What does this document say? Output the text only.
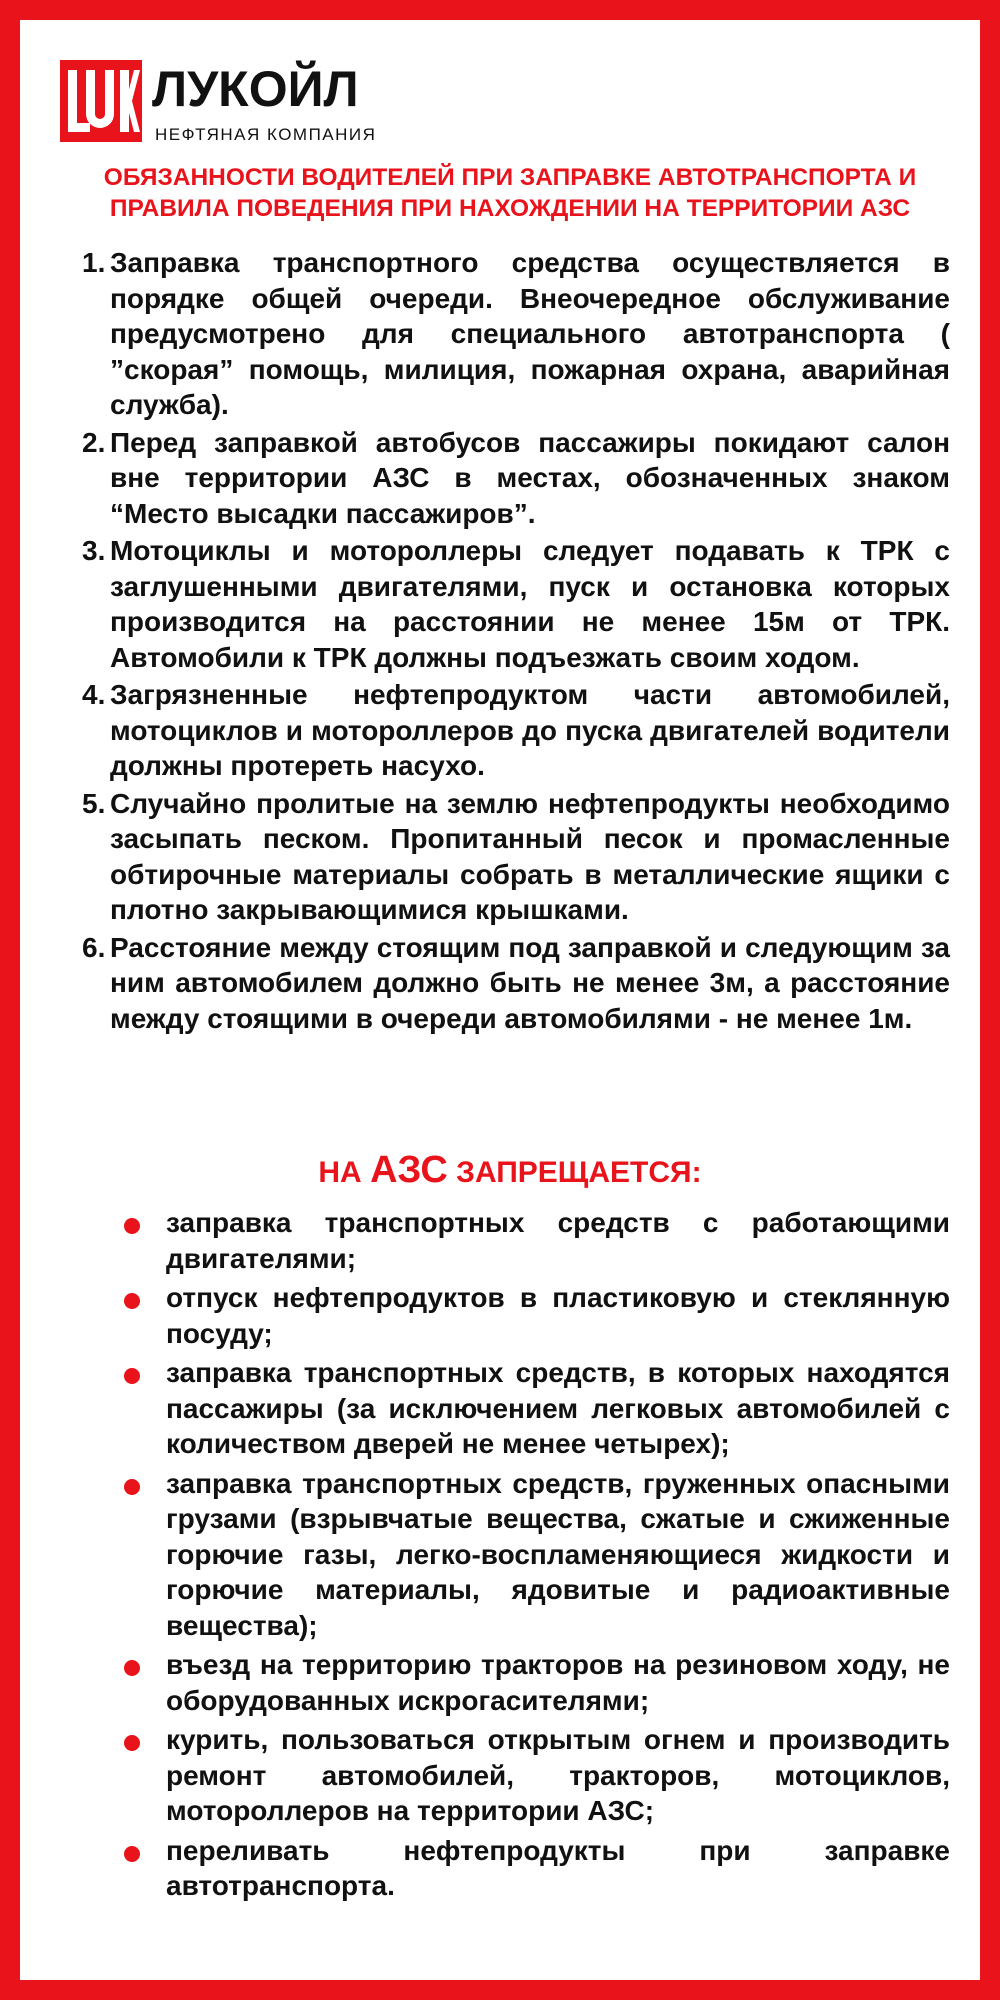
ЛУКОЙЛ
НЕФТЯНАЯ КОМПАНИЯ
ОБЯЗАННОСТИ ВОДИТЕЛЕЙ ПРИ ЗАПРАВКЕ АВТОТРАНСПОРТА И
ПРАВИЛА ПОВЕДЕНИЯ ПРИ НАХОЖДЕНИИ НА ТЕРРИТОРИИ АЗС
1. Заправка транспортного средства осуществляется в порядке общей очереди. Внеочередное обслуживание предусмотрено для специального автотранспорта ( ”скорая” помощь, милиция, пожарная охрана, аварийная служба).
2. Перед заправкой автобусов пассажиры покидают салон вне территории АЗС в местах, обозначенных знаком “Место высадки пассажиров”.
3. Мотоциклы и мотороллеры следует подавать к ТРК с заглушенными двигателями, пуск и остановка которых производится на расстоянии не менее 15м от ТРК. Автомобили к ТРК должны подъезжать своим ходом.
4. Загрязненные нефтепродуктом части автомобилей, мотоциклов и мотороллеров до пуска двигателей водители должны протереть насухо.
5. Случайно пролитые на землю нефтепродукты необходимо засыпать песком. Пропитанный песок и промасленные обтирочные материалы собрать в металлические ящики с плотно закрывающимися крышками.
6. Расстояние между стоящим под заправкой и следующим за ним автомобилем должно быть не менее 3м, а расстояние между стоящими в очереди автомобилями - не менее 1м.
НА АЗС ЗАПРЕЩАЕТСЯ:
заправка транспортных средств с работающими двигателями;
отпуск нефтепродуктов в пластиковую и стеклянную посуду;
заправка транспортных средств, в которых находятся пассажиры (за исключением легковых автомобилей с количеством дверей не менее четырех);
заправка транспортных средств, груженных опасными грузами (взрывчатые вещества, сжатые и сжиженные горючие газы, легко-воспламеняющиеся жидкости и горючие материалы, ядовитые и радиоактивные вещества);
въезд на территорию тракторов на резиновом ходу, не оборудованных искрогасителями;
курить, пользоваться открытым огнем и производить ремонт автомобилей, тракторов, мотоциклов, мотороллеров на территории АЗС;
переливать нефтепродукты при заправке автотранспорта.
